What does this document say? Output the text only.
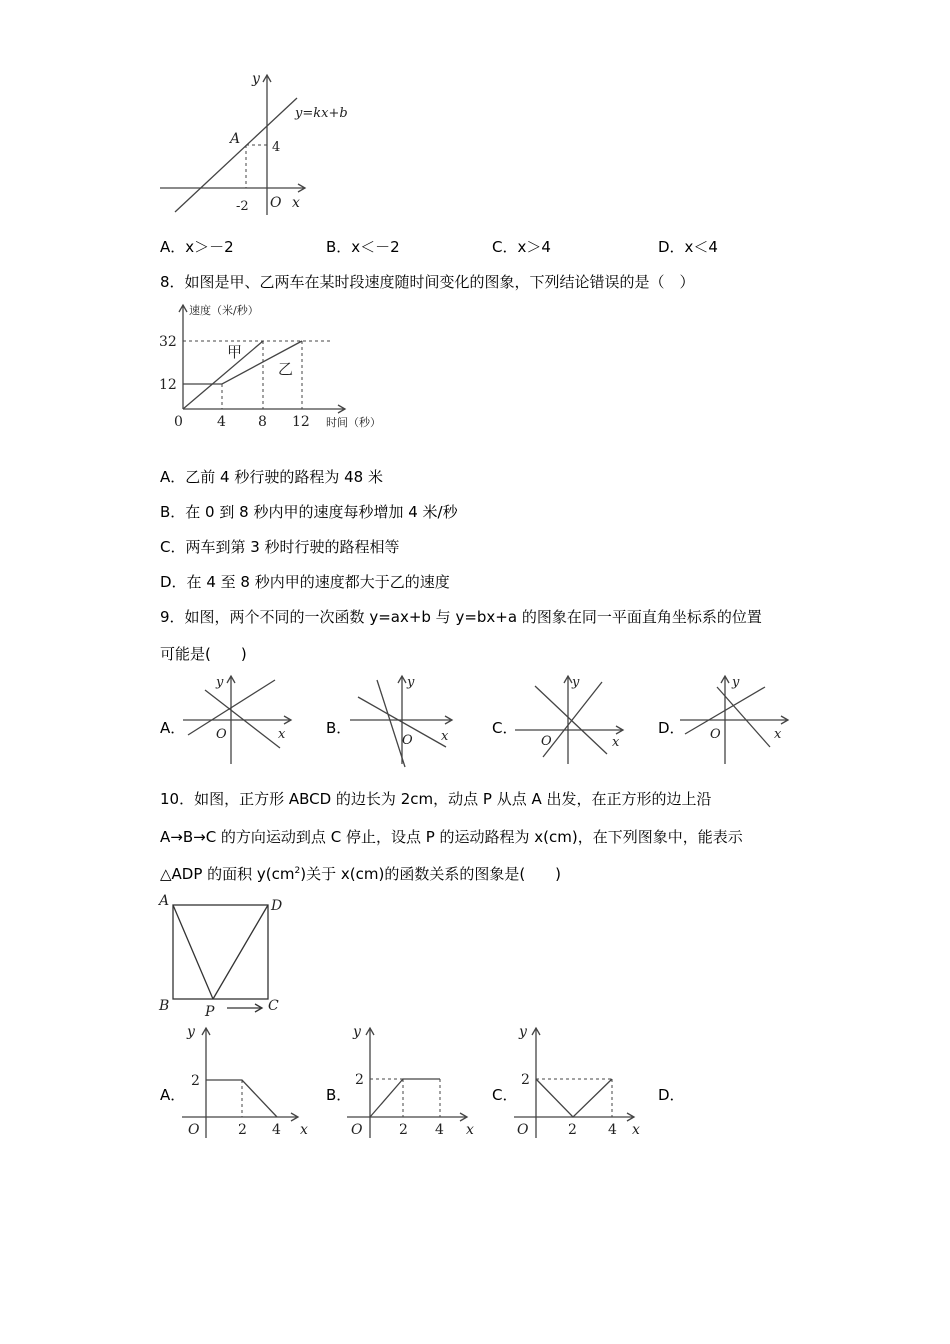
y
y=kx+b
A
4
-2 O x
A．x＞－2	B．x＜－2	C．x＞4	D．x＜4
8．如图是甲、乙两车在某时段速度随时间变化的图象，下列结论错误的是（　）
速度（米/秒）
32
12
0 4 8 12 时间（秒）
甲
乙
A．乙前 4 秒行驶的路程为 48 米
B．在 0 到 8 秒内甲的速度每秒增加 4 米/秒
C．两车到第 3 秒时行驶的路程相等
D．在 4 至 8 秒内甲的速度都大于乙的速度
9．如图，两个不同的一次函数 y=ax+b 与 y=bx+a 的图象在同一平面直角坐标系的位置
可能是(　　)
A．
y
O	x	B．
y
O x	C．
y
O	x
D．
y
O	x
10．如图，正方形 ABCD 的边长为 2cm，动点 P 从点 A 出发，在正方形的边上沿
A→B→C 的方向运动到点 C 停止，设点 P 的运动路程为 x(cm)，在下列图象中，能表示
△ADP 的面积 $y(cm^2)$关于 x(cm)的函数关系的图象是(　　)
A	D
B	C
P
A．
y
2
O	2 4 x
B．
y
2
O	2 4 x
C．
y
2
O	2 4 x
D．
